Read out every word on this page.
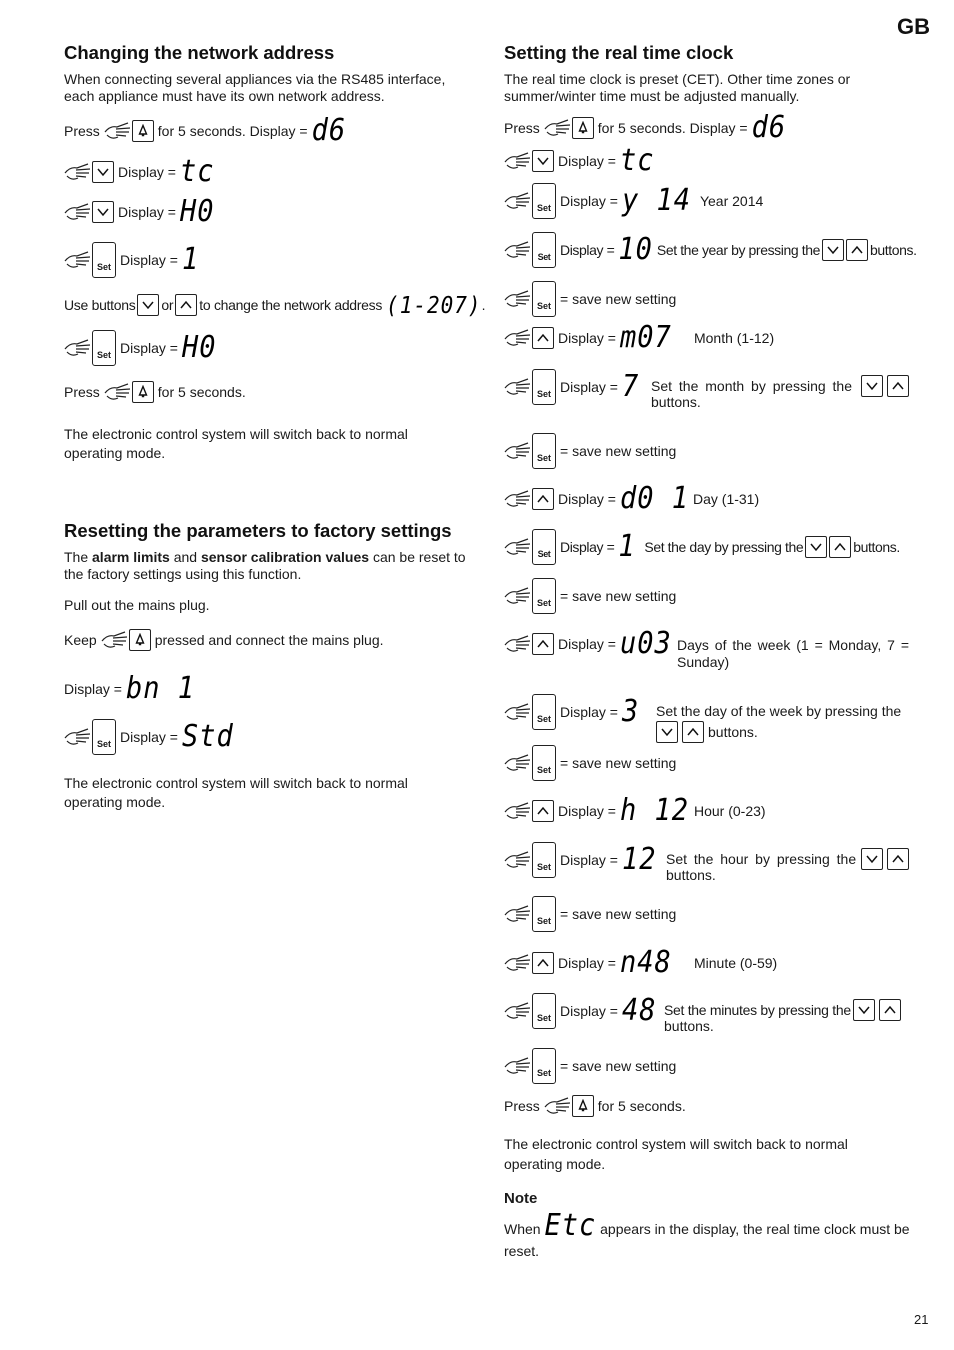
GB
Changing the network address
When connecting several appliances via the RS485 interface, each appliance must have its own network address.
Press	for 5 seconds. Display = d6
Display = tc
Display = H0
Set Display = 1
Use buttons or to change the network address (1-207) .
Set Display = H0
Press	for 5 seconds.
The electronic control system will switch back to normal operating mode.
Resetting the parameters to factory settings
The alarm limits and sensor calibration values can be reset to the factory settings using this function.
Pull out the mains plug.
Keep	pressed and connect the mains plug.
Display = bn 1
Set Display = Std
The electronic control system will switch back to normal operating mode.
Setting the real time clock
The real time clock is preset (CET). Other time zones or summer/winter time must be adjusted manually.
Press	for 5 seconds. Display = d6
Display = tc
Set Display = y 14 Year 2014
Set Display = 10 Set the year by pressing the	buttons.
Set = save new setting
Display = m07	Month (1-12)
Set Display = 7 Set the month by pressing the
buttons.
Set = save new setting
Display = d0 1 Day (1-31)
Set Display = 1 Set the day by pressing the	buttons.
Set = save new setting
Display = u03 Days of the week (1 = Monday, 7 = Sunday)
Set Display = 3 Set the day of the week by pressing the
buttons.
Set = save new setting
Display = h 12 Hour (0-23)
Set Display = 12 Set the hour by pressing the
buttons.
Set = save new setting
Display = n48	Minute (0-59)
Set Display = 48 Set the minutes by pressing the
buttons.
Set = save new setting
Press	for 5 seconds.
The electronic control system will switch back to normal operating mode.
Note
When Etc appears in the display, the real time clock must be reset.
21
